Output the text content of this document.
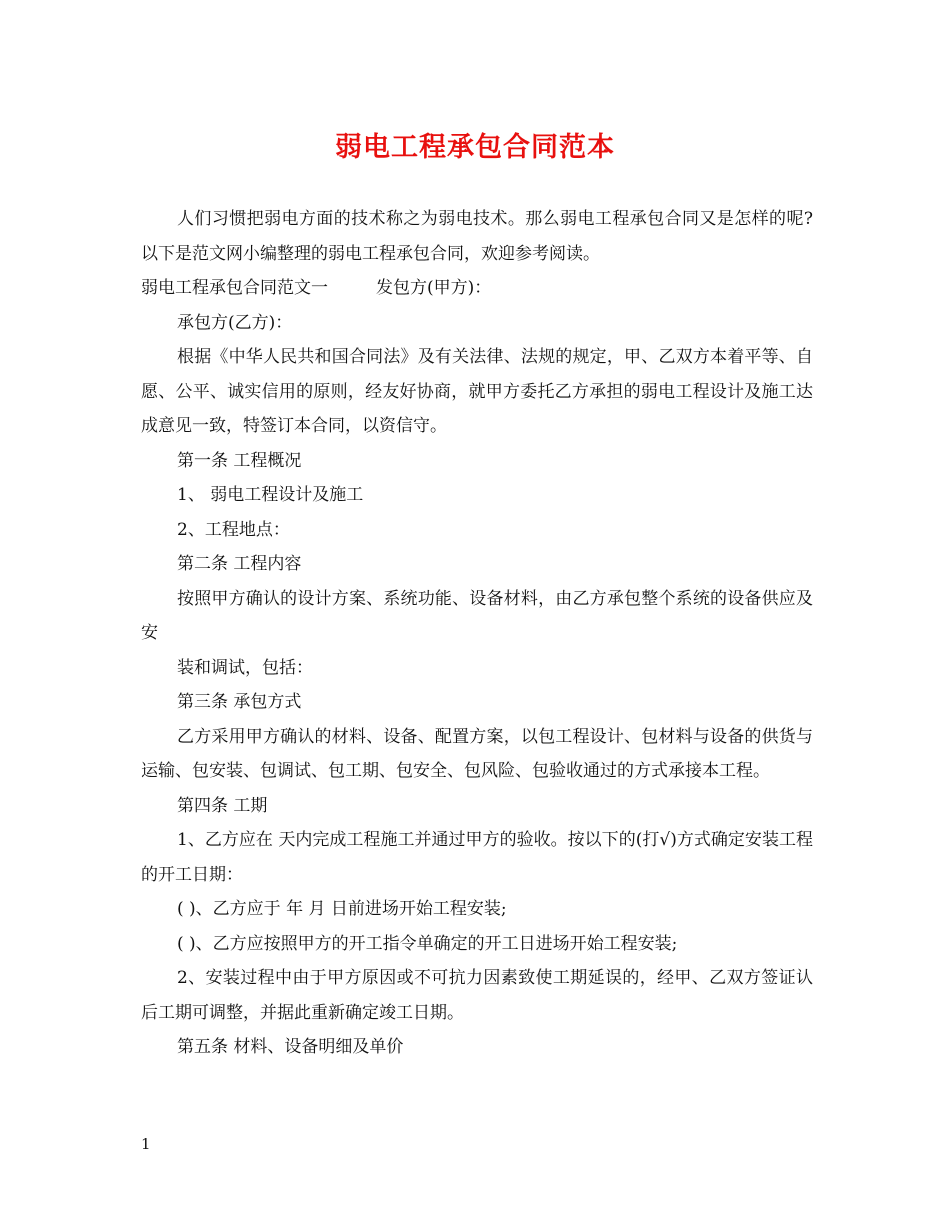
弱电工程承包合同范本

人们习惯把弱电方面的技术称之为弱电技术。那么弱电工程承包合同又是怎样的呢?以下是范文网小编整理的弱电工程承包合同，欢迎参考阅读。

弱电工程承包合同范文一	发包方(甲方)：

承包方(乙方)：

根据《中华人民共和国合同法》及有关法律、法规的规定，甲、乙双方本着平等、自愿、公平、诚实信用的原则，经友好协商，就甲方委托乙方承担的弱电工程设计及施工达成意见一致，特签订本合同，以资信守。

第一条 工程概况

1、 弱电工程设计及施工

2、工程地点：

第二条 工程内容

按照甲方确认的设计方案、系统功能、设备材料，由乙方承包整个系统的设备供应及安

装和调试，包括：

第三条 承包方式

乙方采用甲方确认的材料、设备、配置方案，以包工程设计、包材料与设备的供货与运输、包安装、包调试、包工期、包安全、包风险、包验收通过的方式承接本工程。

第四条 工期

1、乙方应在 天内完成工程施工并通过甲方的验收。按以下的(打√)方式确定安装工程的开工日期：

( )、乙方应于 年 月 日前进场开始工程安装;

( )、乙方应按照甲方的开工指令单确定的开工日进场开始工程安装;

2、安装过程中由于甲方原因或不可抗力因素致使工期延误的，经甲、乙双方签证认后工期可调整，并据此重新确定竣工日期。

第五条 材料、设备明细及单价

1
